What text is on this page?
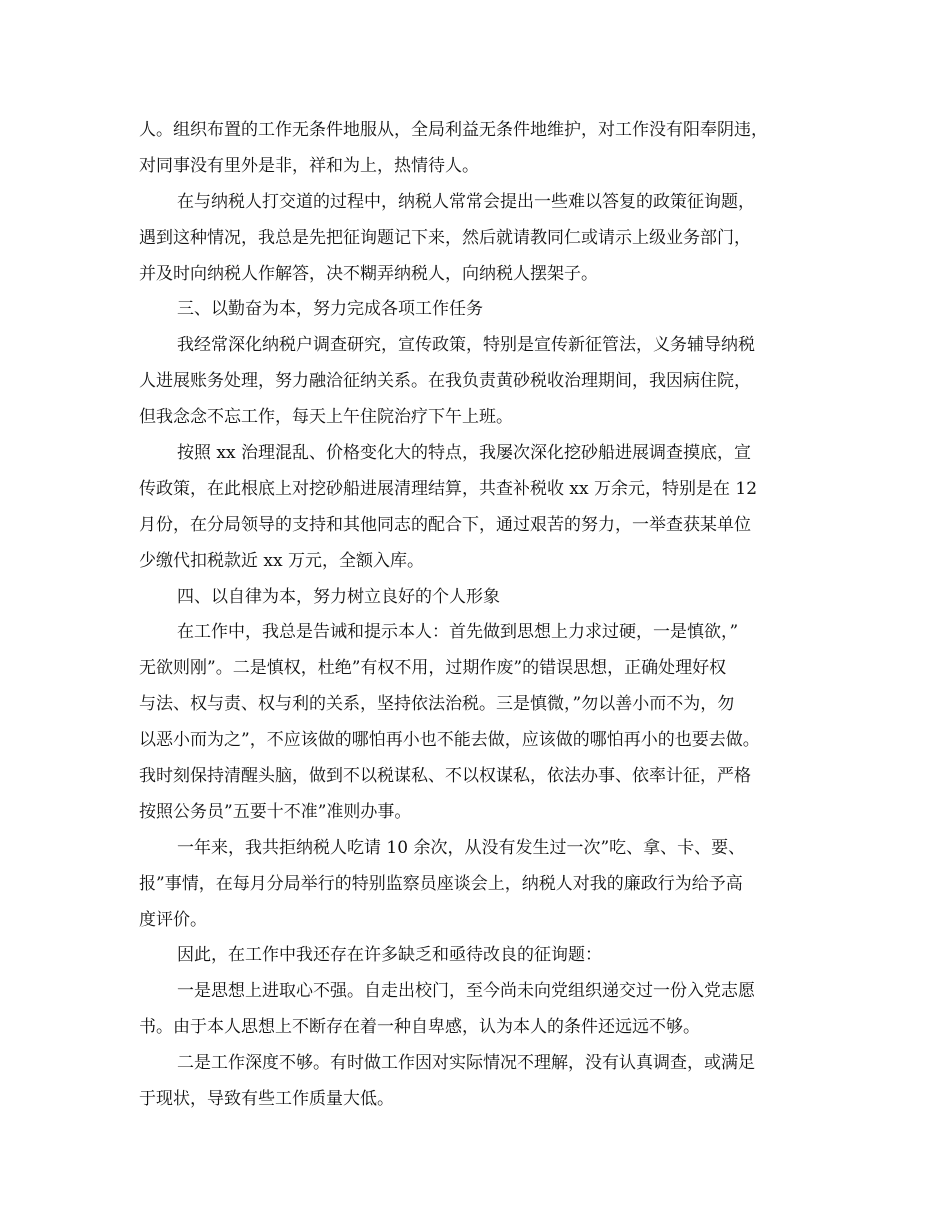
人。组织布置的工作无条件地服从，全局利益无条件地维护，对工作没有阳奉阴违，
对同事没有里外是非，祥和为上，热情待人。
在与纳税人打交道的过程中，纳税人常常会提出一些难以答复的政策征询题，
遇到这种情况，我总是先把征询题记下来，然后就请教同仁或请示上级业务部门，
并及时向纳税人作解答，决不糊弄纳税人，向纳税人摆架子。
三、以勤奋为本，努力完成各项工作任务
我经常深化纳税户调查研究，宣传政策，特别是宣传新征管法，义务辅导纳税
人进展账务处理，努力融洽征纳关系。在我负责黄砂税收治理期间，我因病住院，
但我念念不忘工作，每天上午住院治疗下午上班。
按照 xx 治理混乱、价格变化大的特点，我屡次深化挖砂船进展调查摸底，宣
传政策，在此根底上对挖砂船进展清理结算，共查补税收 xx 万余元，特别是在 12
月份，在分局领导的支持和其他同志的配合下，通过艰苦的努力，一举查获某单位
少缴代扣税款近 xx 万元，全额入库。
四、以自律为本，努力树立良好的个人形象
在工作中，我总是告诫和提示本人：首先做到思想上力求过硬，一是慎欲，”
无欲则刚”。二是慎权，杜绝”有权不用，过期作废”的错误思想，正确处理好权
与法、权与责、权与利的关系，坚持依法治税。三是慎微，”勿以善小而不为，勿
以恶小而为之”，不应该做的哪怕再小也不能去做，应该做的哪怕再小的也要去做。
我时刻保持清醒头脑，做到不以税谋私、不以权谋私，依法办事、依率计征，严格
按照公务员”五要十不准”准则办事。
一年来，我共拒纳税人吃请 10 余次，从没有发生过一次”吃、拿、卡、要、
报”事情，在每月分局举行的特别监察员座谈会上，纳税人对我的廉政行为给予高
度评价。
因此，在工作中我还存在许多缺乏和亟待改良的征询题：
一是思想上进取心不强。自走出校门，至今尚未向党组织递交过一份入党志愿
书。由于本人思想上不断存在着一种自卑感，认为本人的条件还远远不够。
二是工作深度不够。有时做工作因对实际情况不理解，没有认真调查，或满足
于现状，导致有些工作质量大低。
